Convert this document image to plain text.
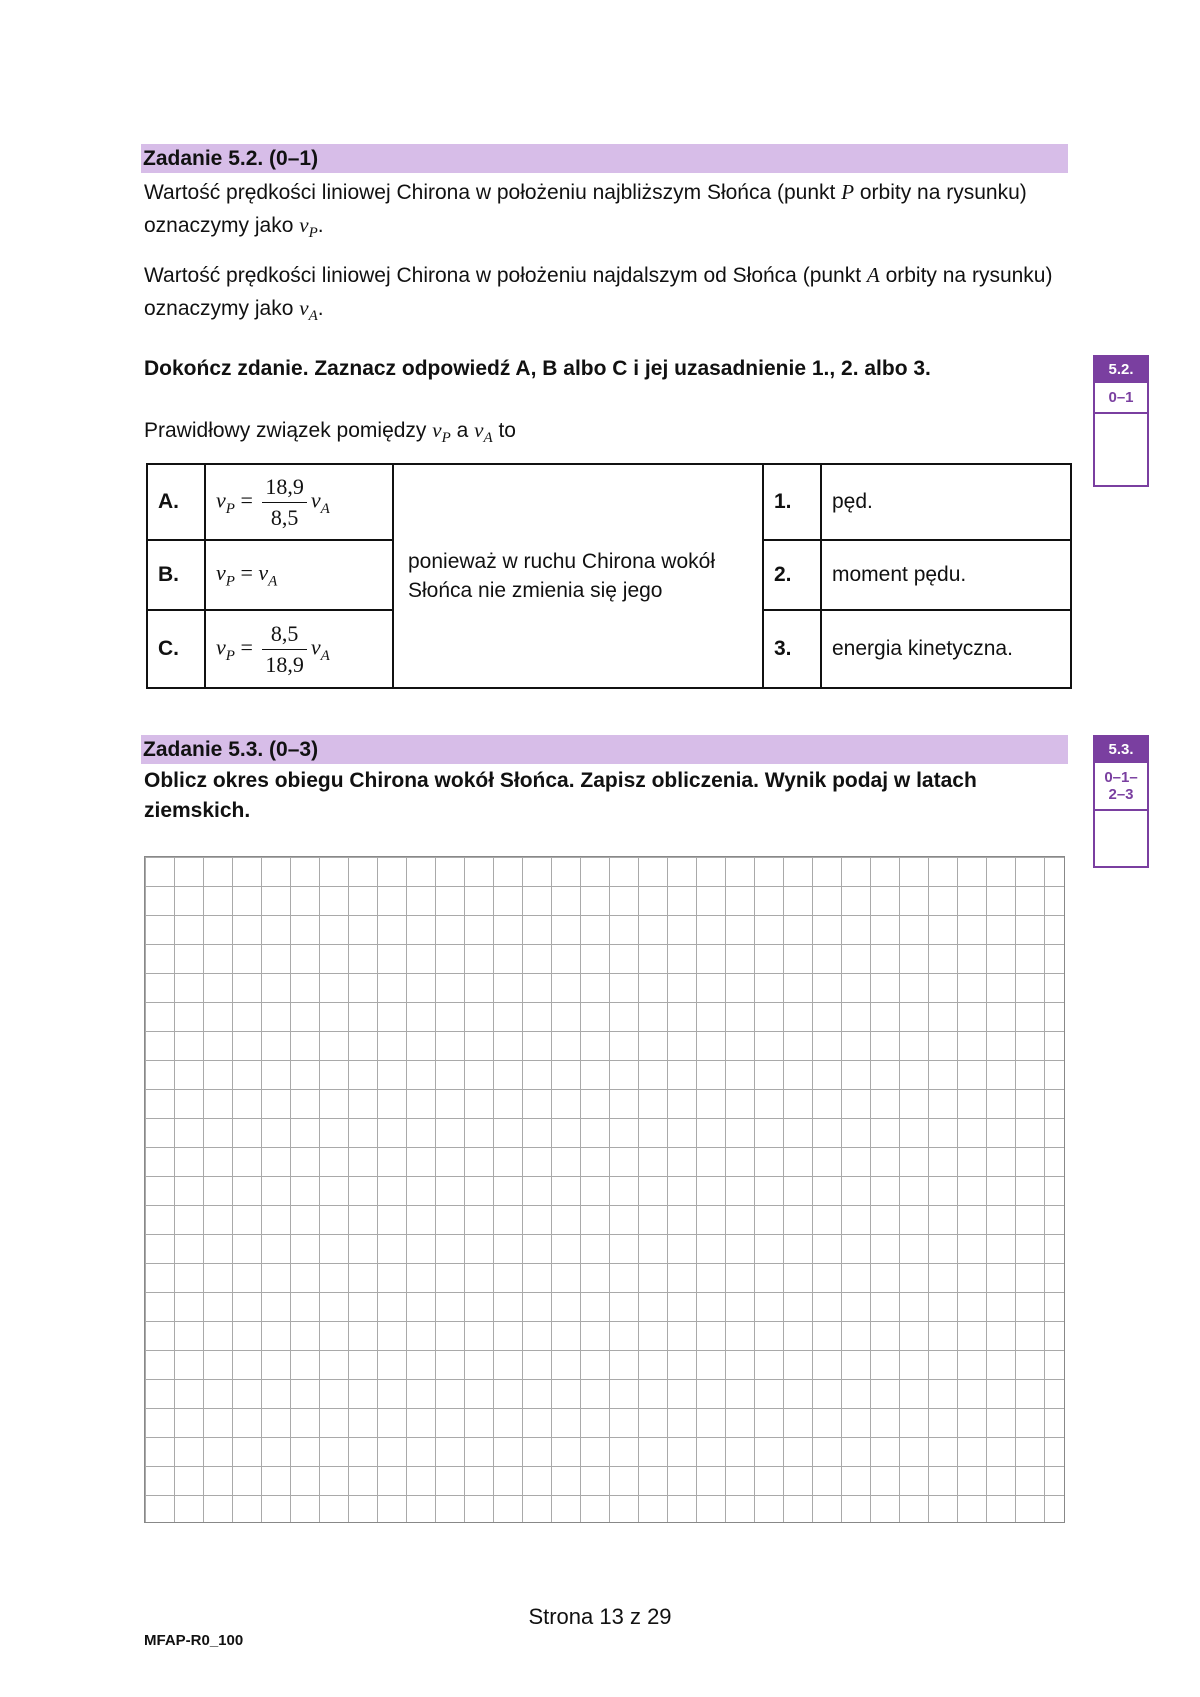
Zadanie 5.2. (0–1)
Wartość prędkości liniowej Chirona w położeniu najbliższym Słońca (punkt P orbity na rysunku) oznaczymy jako $v_P$.
Wartość prędkości liniowej Chirona w położeniu najdalszym od Słońca (punkt A orbity na rysunku) oznaczymy jako $v_A$.
Dokończ zdanie. Zaznacz odpowiedź A, B albo C i jej uzasadnienie 1., 2. albo 3.
Prawidłowy związek pomiędzy $v_P$ a $v_A$ to
5.2.
0–1
A.	$v_P = \frac{18,9}{8,5} v_A$	ponieważ w ruchu Chirona wokół Słońca nie zmienia się jego	1.	pęd.
B.	$v_P = v_A$		2.	moment pędu.
C.	$v_P = \frac{8,5}{18,9} v_A$		3.	energia kinetyczna.
Zadanie 5.3. (0–3)
Oblicz okres obiegu Chirona wokół Słońca. Zapisz obliczenia. Wynik podaj w latach ziemskich.
5.3.
0–1–
2–3
Strona 13 z 29
MFAP-R0_100
